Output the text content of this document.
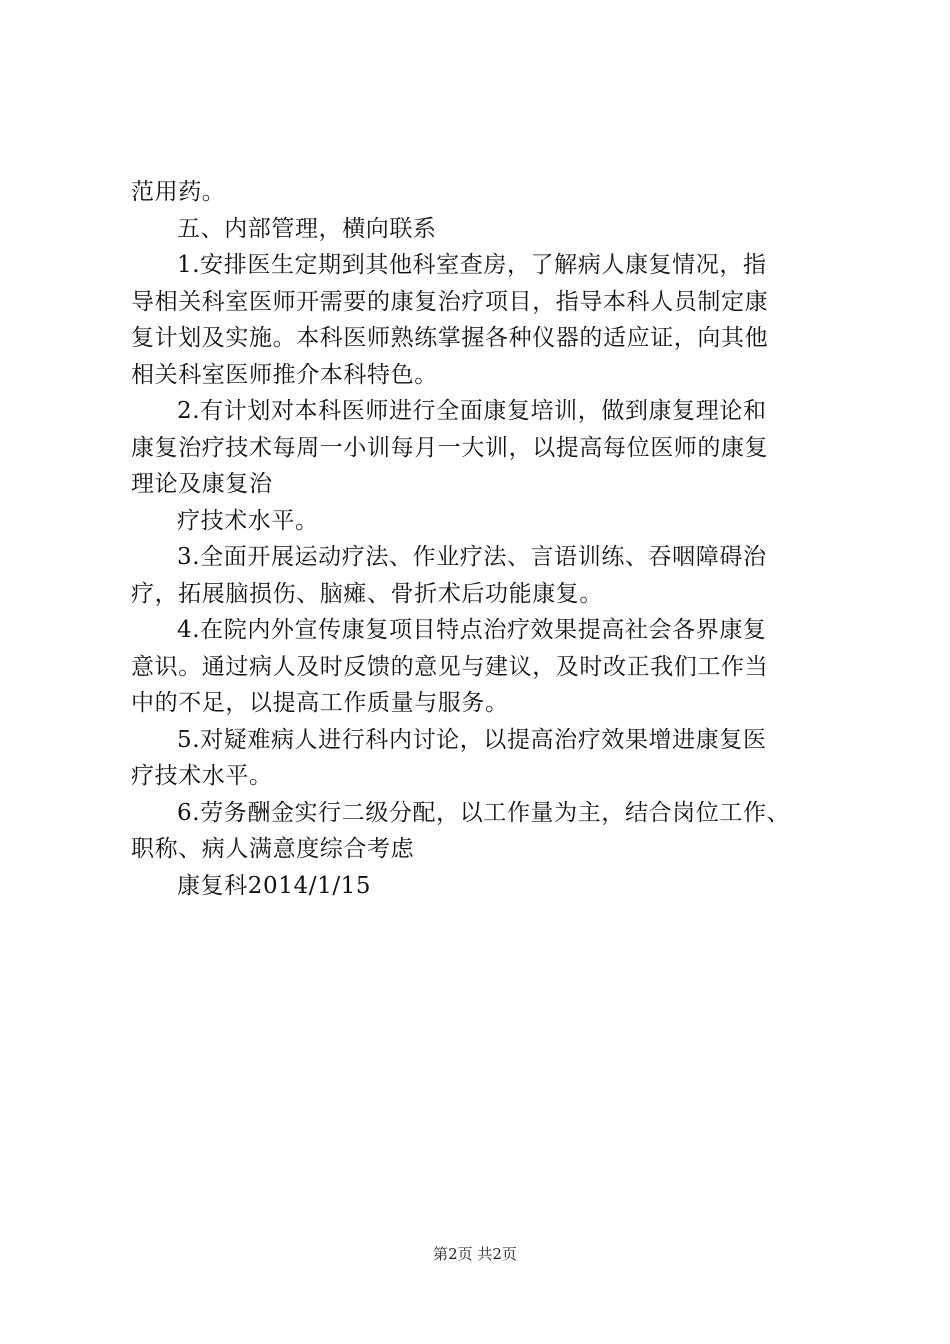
范用药。
五、内部管理，横向联系
1.安排医生定期到其他科室查房，了解病人康复情况，指
导相关科室医师开需要的康复治疗项目，指导本科人员制定康
复计划及实施。本科医师熟练掌握各种仪器的适应证，向其他
相关科室医师推介本科特色。
2.有计划对本科医师进行全面康复培训，做到康复理论和
康复治疗技术每周一小训每月一大训，以提高每位医师的康复
理论及康复治
疗技术水平。
3.全面开展运动疗法、作业疗法、言语训练、吞咽障碍治
疗，拓展脑损伤、脑瘫、骨折术后功能康复。
4.在院内外宣传康复项目特点治疗效果提高社会各界康复
意识。通过病人及时反馈的意见与建议，及时改正我们工作当
中的不足，以提高工作质量与服务。
5.对疑难病人进行科内讨论，以提高治疗效果增进康复医
疗技术水平。
6.劳务酬金实行二级分配，以工作量为主，结合岗位工作、
职称、病人满意度综合考虑
康复科2014/1/15
第2页 共2页
